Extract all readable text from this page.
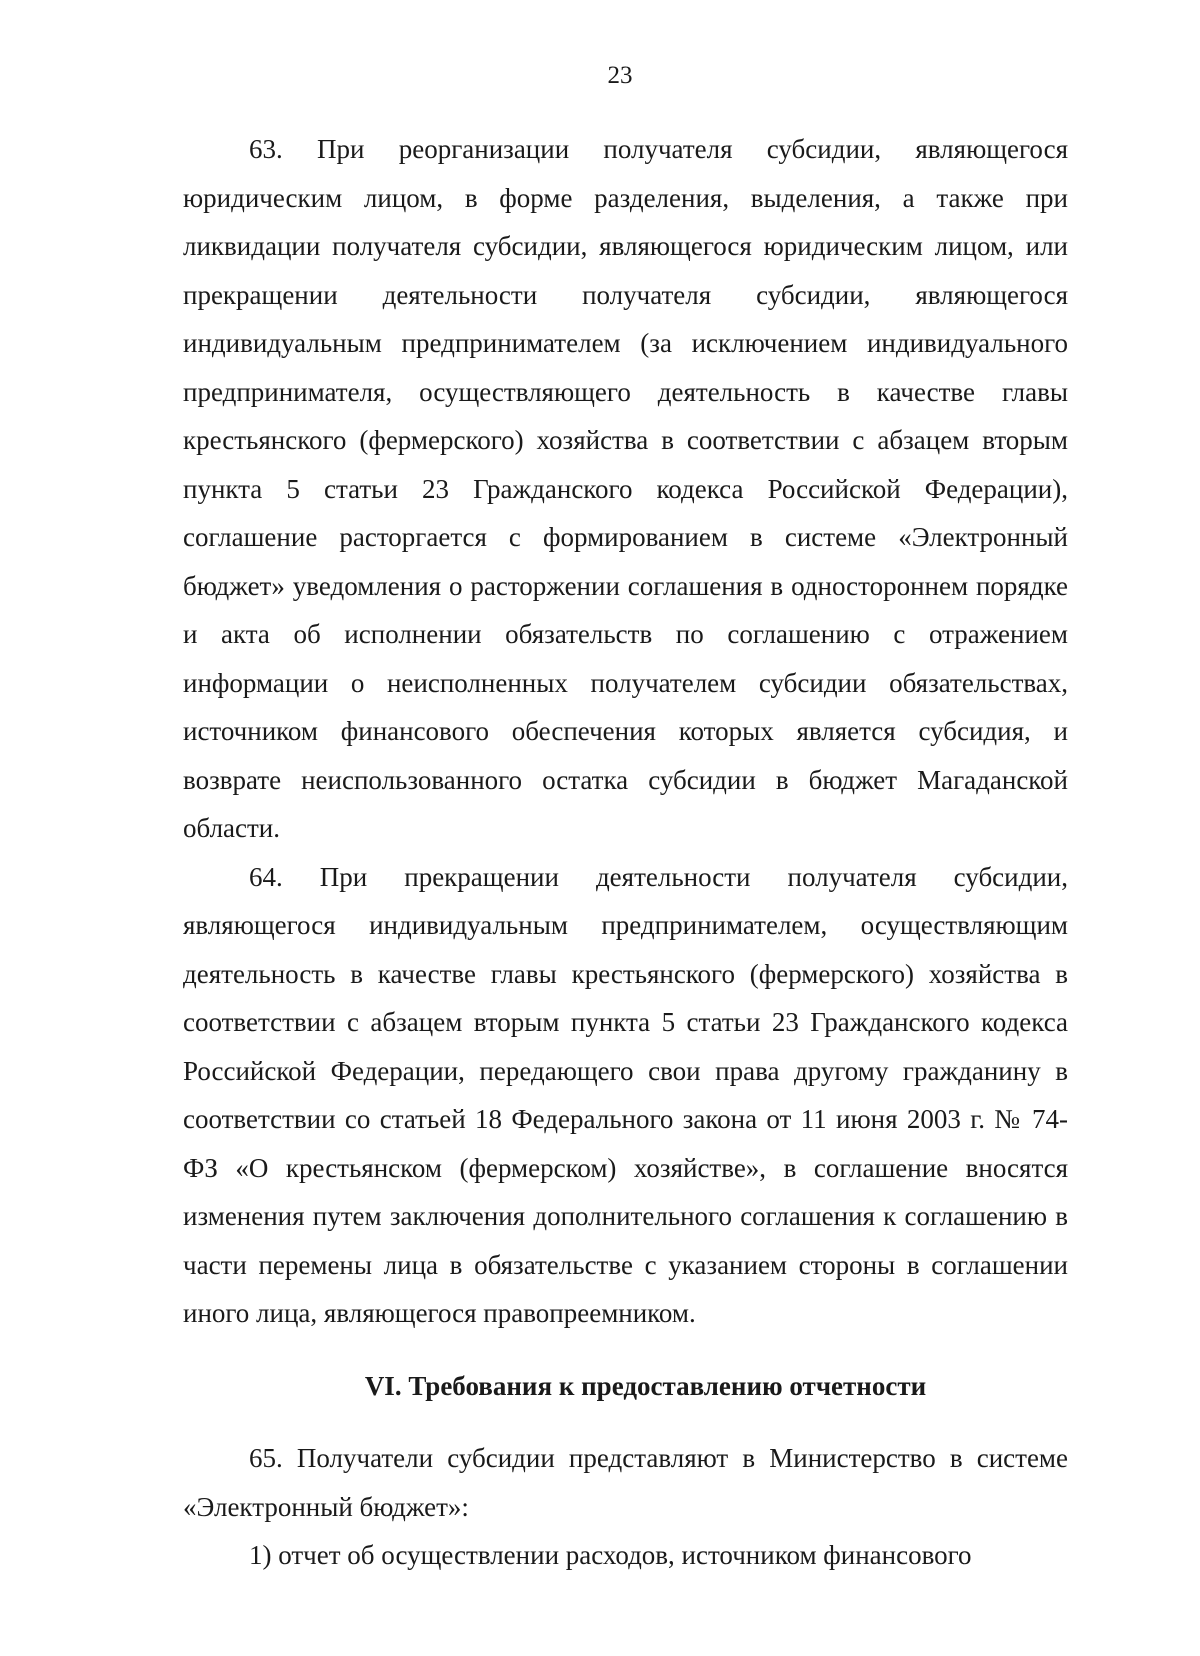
23

63. При реорганизации получателя субсидии, являющегося юридическим лицом, в форме разделения, выделения, а также при ликвидации получателя субсидии, являющегося юридическим лицом, или прекращении деятельности получателя субсидии, являющегося индивидуальным предпринимателем (за исключением индивидуального предпринимателя, осуществляющего деятельность в качестве главы крестьянского (фермерского) хозяйства в соответствии с абзацем вторым пункта 5 статьи 23 Гражданского кодекса Российской Федерации), соглашение расторгается с формированием в системе «Электронный бюджет» уведомления о расторжении соглашения в одностороннем порядке и акта об исполнении обязательств по соглашению с отражением информации о неисполненных получателем субсидии обязательствах, источником финансового обеспечения которых является субсидия, и возврате неиспользованного остатка субсидии в бюджет Магаданской области.

64. При прекращении деятельности получателя субсидии, являющегося индивидуальным предпринимателем, осуществляющим деятельность в качестве главы крестьянского (фермерского) хозяйства в соответствии с абзацем вторым пункта 5 статьи 23 Гражданского кодекса Российской Федерации, передающего свои права другому гражданину в соответствии со статьей 18 Федерального закона от 11 июня 2003 г. № 74-ФЗ «О крестьянском (фермерском) хозяйстве», в соглашение вносятся изменения путем заключения дополнительного соглашения к соглашению в части перемены лица в обязательстве с указанием стороны в соглашении иного лица, являющегося правопреемником.

VI. Требования к предоставлению отчетности

65. Получатели субсидии представляют в Министерство в системе «Электронный бюджет»:

1) отчет об осуществлении расходов, источником финансового
